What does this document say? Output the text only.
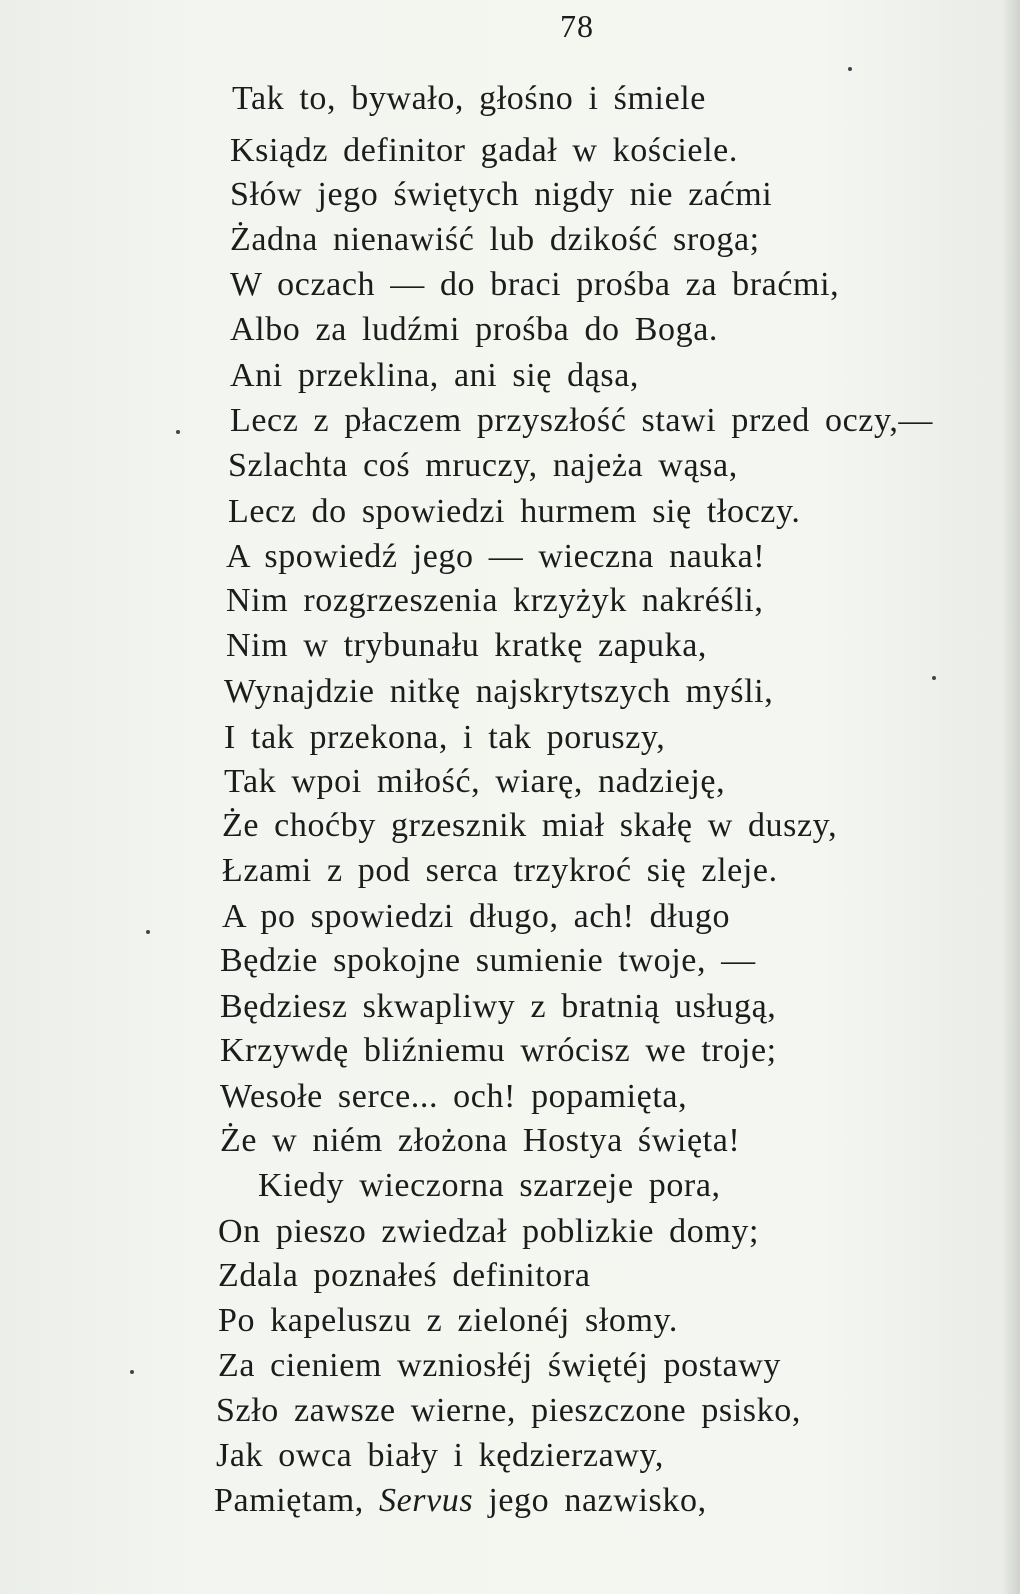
78
Tak to, bywało, głośno i śmiele
Ksiądz definitor gadał w kościele.
Słów jego świętych nigdy nie zaćmi
Żadna nienawiść lub dzikość sroga;
W oczach — do braci prośba za braćmi,
Albo za ludźmi prośba do Boga.
Ani przeklina, ani się dąsa,
Lecz z płaczem przyszłość stawi przed oczy,—
Szlachta coś mruczy, najeża wąsa,
Lecz do spowiedzi hurmem się tłoczy.
A spowiedź jego — wieczna nauka!
Nim rozgrzeszenia krzyżyk nakréśli,
Nim w trybunału kratkę zapuka,
Wynajdzie nitkę najskrytszych myśli,
I tak przekona, i tak poruszy,
Tak wpoi miłość, wiarę, nadzieję,
Że choćby grzesznik miał skałę w duszy,
Łzami z pod serca trzykroć się zleje.
A po spowiedzi długo, ach! długo
Będzie spokojne sumienie twoje, —
Będziesz skwapliwy z bratnią usługą,
Krzywdę bliźniemu wrócisz we troje;
Wesołe serce... och! popamięta,
Że w niém złożona Hostya święta!
Kiedy wieczorna szarzeje pora,
On pieszo zwiedzał poblizkie domy;
Zdala poznałeś definitora
Po kapeluszu z zielonéj słomy.
Za cieniem wzniosłéj świętéj postawy
Szło zawsze wierne, pieszczone psisko,
Jak owca biały i kędzierzawy,
Pamiętam, Servus jego nazwisko,
